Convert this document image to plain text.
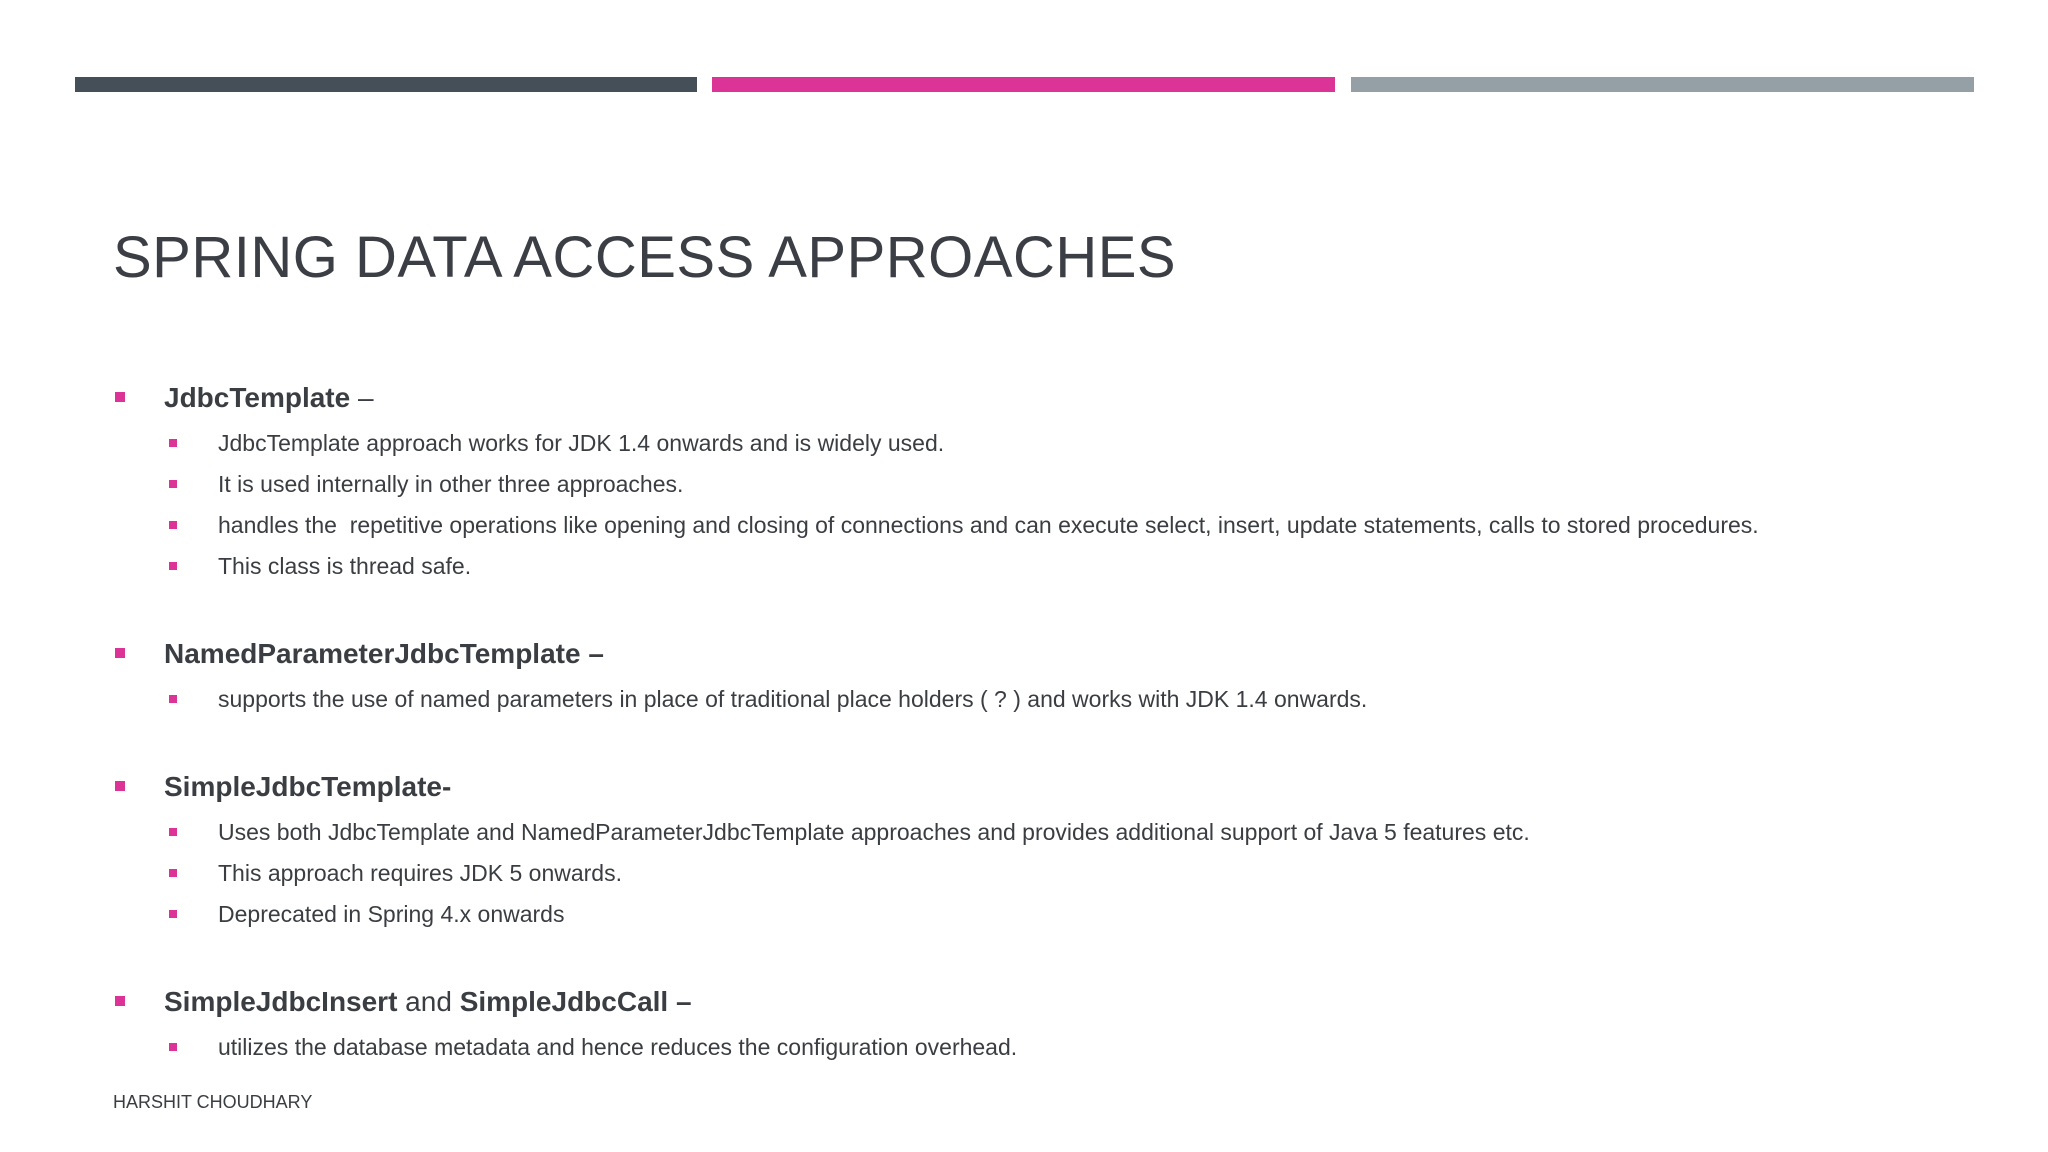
SPRING DATA ACCESS APPROACHES
JdbcTemplate –
JdbcTemplate approach works for JDK 1.4 onwards and is widely used.
It is used internally in other three approaches.
handles the  repetitive operations like opening and closing of connections and can execute select, insert, update statements, calls to stored procedures.
This class is thread safe.
NamedParameterJdbcTemplate –
supports the use of named parameters in place of traditional place holders ( ? ) and works with JDK 1.4 onwards.
SimpleJdbcTemplate-
Uses both JdbcTemplate and NamedParameterJdbcTemplate approaches and provides additional support of Java 5 features etc.
This approach requires JDK 5 onwards.
Deprecated in Spring 4.x onwards
SimpleJdbcInsert and SimpleJdbcCall –
utilizes the database metadata and hence reduces the configuration overhead.
HARSHIT CHOUDHARY
